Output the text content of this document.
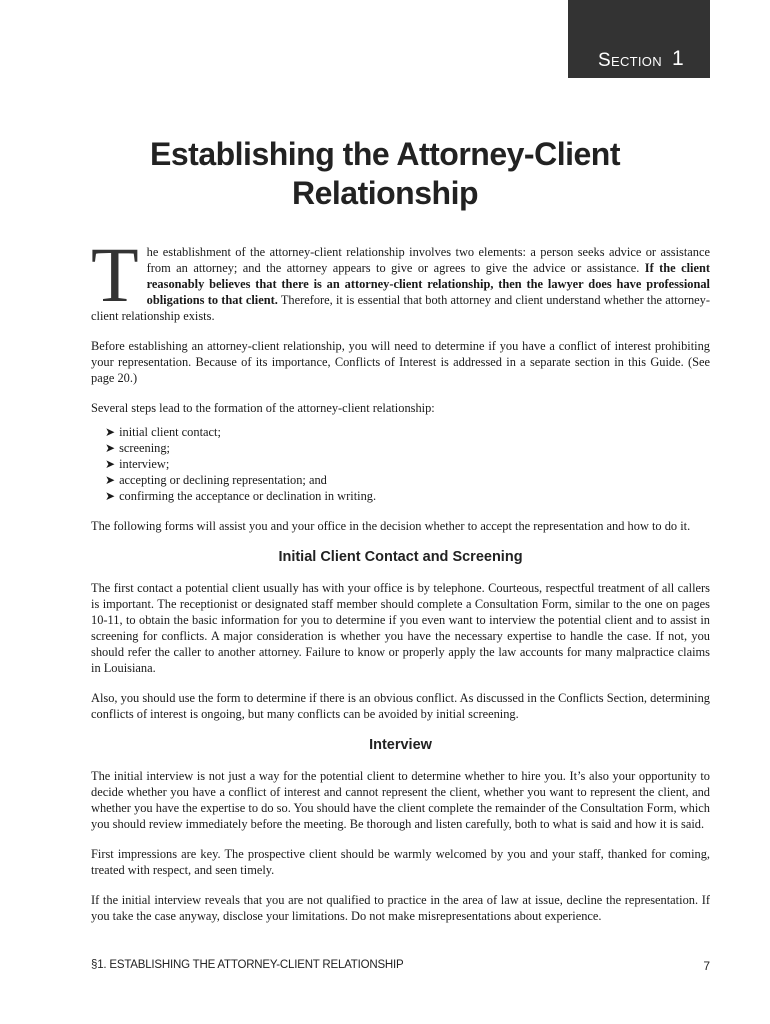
Section 1
Establishing the Attorney-Client
Relationship

The establishment of the attorney-client relationship involves two elements: a person seeks advice or assistance from an attorney; and the attorney appears to give or agrees to give the advice or assistance. If the client reasonably believes that there is an attorney-client relationship, then the lawyer does have professional obligations to that client. Therefore, it is essential that both attorney and client understand whether the attorney-client relationship exists.

Before establishing an attorney-client relationship, you will need to determine if you have a conflict of interest prohibiting your representation. Because of its importance, Conflicts of Interest is addressed in a separate section in this Guide. (See page 20.)

Several steps lead to the formation of the attorney-client relationship:

➤ initial client contact;
➤ screening;
➤ interview;
➤ accepting or declining representation; and
➤ confirming the acceptance or declination in writing.

The following forms will assist you and your office in the decision whether to accept the representation and how to do it.

Initial Client Contact and Screening

The first contact a potential client usually has with your office is by telephone. Courteous, respectful treatment of all callers is important. The receptionist or designated staff member should complete a Consultation Form, similar to the one on pages 10-11, to obtain the basic information for you to determine if you even want to interview the potential client and to assist in screening for conflicts. A major consideration is whether you have the necessary expertise to handle the case. If not, you should refer the caller to another attorney. Failure to know or properly apply the law accounts for many malpractice claims in Louisiana.

Also, you should use the form to determine if there is an obvious conflict. As discussed in the Conflicts Section, determining conflicts of interest is ongoing, but many conflicts can be avoided by initial screening.

Interview

The initial interview is not just a way for the potential client to determine whether to hire you. It’s also your opportunity to decide whether you have a conflict of interest and cannot represent the client, whether you want to represent the client, and whether you have the expertise to do so. You should have the client complete the remainder of the Consultation Form, which you should review immediately before the meeting. Be thorough and listen carefully, both to what is said and how it is said.

First impressions are key. The prospective client should be warmly welcomed by you and your staff, thanked for coming, treated with respect, and seen timely.

If the initial interview reveals that you are not qualified to practice in the area of law at issue, decline the representation. If you take the case anyway, disclose your limitations. Do not make misrepresentations about experience.

§1. ESTABLISHING THE ATTORNEY-CLIENT RELATIONSHIP	7
